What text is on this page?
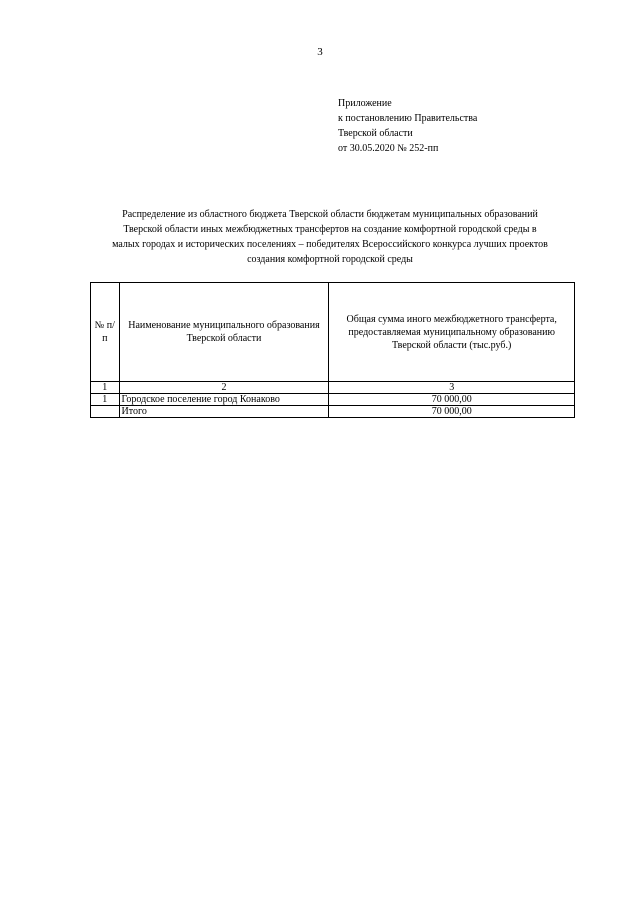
3
Приложение
к постановлению Правительства
Тверской области
от 30.05.2020 № 252-пп
Распределение из областного бюджета Тверской области бюджетам муниципальных образований
Тверской области иных межбюджетных трансфертов на создание комфортной городской среды в
малых городах и исторических поселениях – победителях Всероссийского конкурса лучших проектов
создания комфортной городской среды
№ п/п	Наименование муниципального образования Тверской области	Общая сумма иного межбюджетного трансферта, предоставляемая муниципальному образованию Тверской области (тыс.руб.)
1	2	3
1	Городское поселение город Конаково	70 000,00
	Итого	70 000,00
